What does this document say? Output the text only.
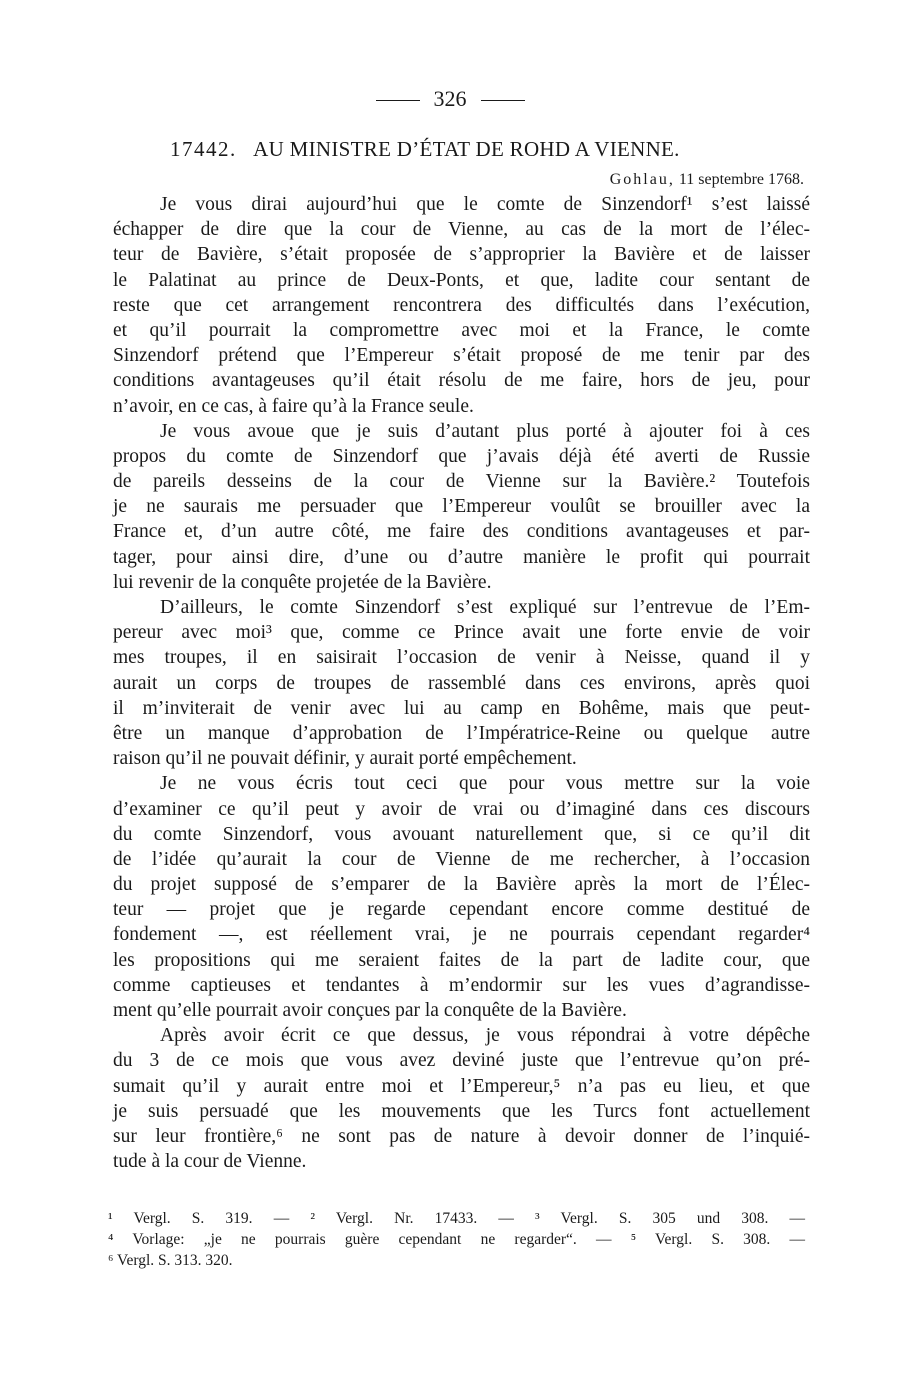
326
17442. AU MINISTRE D’ÉTAT DE ROHD A VIENNE.
Gohlau, 11 septembre 1768.
Je vous dirai aujourd’hui que le comte de Sinzendorf¹ s’est laissé
échapper de dire que la cour de Vienne, au cas de la mort de l’élec-
teur de Bavière, s’était proposée de s’approprier la Bavière et de laisser
le Palatinat au prince de Deux-Ponts, et que, ladite cour sentant de
reste que cet arrangement rencontrera des difficultés dans l’exécution,
et qu’il pourrait la compromettre avec moi et la France, le comte
Sinzendorf prétend que l’Empereur s’était proposé de me tenir par des
conditions avantageuses qu’il était résolu de me faire, hors de jeu, pour
n’avoir, en ce cas, à faire qu’à la France seule.
Je vous avoue que je suis d’autant plus porté à ajouter foi à ces
propos du comte de Sinzendorf que j’avais déjà été averti de Russie
de pareils desseins de la cour de Vienne sur la Bavière.² Toutefois
je ne saurais me persuader que l’Empereur voulût se brouiller avec la
France et, d’un autre côté, me faire des conditions avantageuses et par-
tager, pour ainsi dire, d’une ou d’autre manière le profit qui pourrait
lui revenir de la conquête projetée de la Bavière.
D’ailleurs, le comte Sinzendorf s’est expliqué sur l’entrevue de l’Em-
pereur avec moi³ que, comme ce Prince avait une forte envie de voir
mes troupes, il en saisirait l’occasion de venir à Neisse, quand il y
aurait un corps de troupes de rassemblé dans ces environs, après quoi
il m’inviterait de venir avec lui au camp en Bohême, mais que peut-
être un manque d’approbation de l’Impératrice-Reine ou quelque autre
raison qu’il ne pouvait définir, y aurait porté empêchement.
Je ne vous écris tout ceci que pour vous mettre sur la voie
d’examiner ce qu’il peut y avoir de vrai ou d’imaginé dans ces discours
du comte Sinzendorf, vous avouant naturellement que, si ce qu’il dit
de l’idée qu’aurait la cour de Vienne de me rechercher, à l’occasion
du projet supposé de s’emparer de la Bavière après la mort de l’Élec-
teur — projet que je regarde cependant encore comme destitué de
fondement —, est réellement vrai, je ne pourrais cependant regarder⁴
les propositions qui me seraient faites de la part de ladite cour, que
comme captieuses et tendantes à m’endormir sur les vues d’agrandisse-
ment qu’elle pourrait avoir conçues par la conquête de la Bavière.
Après avoir écrit ce que dessus, je vous répondrai à votre dépêche
du 3 de ce mois que vous avez deviné juste que l’entrevue qu’on pré-
sumait qu’il y aurait entre moi et l’Empereur,⁵ n’a pas eu lieu, et que
je suis persuadé que les mouvements que les Turcs font actuellement
sur leur frontière,⁶ ne sont pas de nature à devoir donner de l’inquié-
tude à la cour de Vienne.
¹ Vergl. S. 319. — ² Vergl. Nr. 17433. — ³ Vergl. S. 305 und 308. —
⁴ Vorlage: „je ne pourrais guère cependant ne regarder“. — ⁵ Vergl. S. 308. —
⁶ Vergl. S. 313. 320.
